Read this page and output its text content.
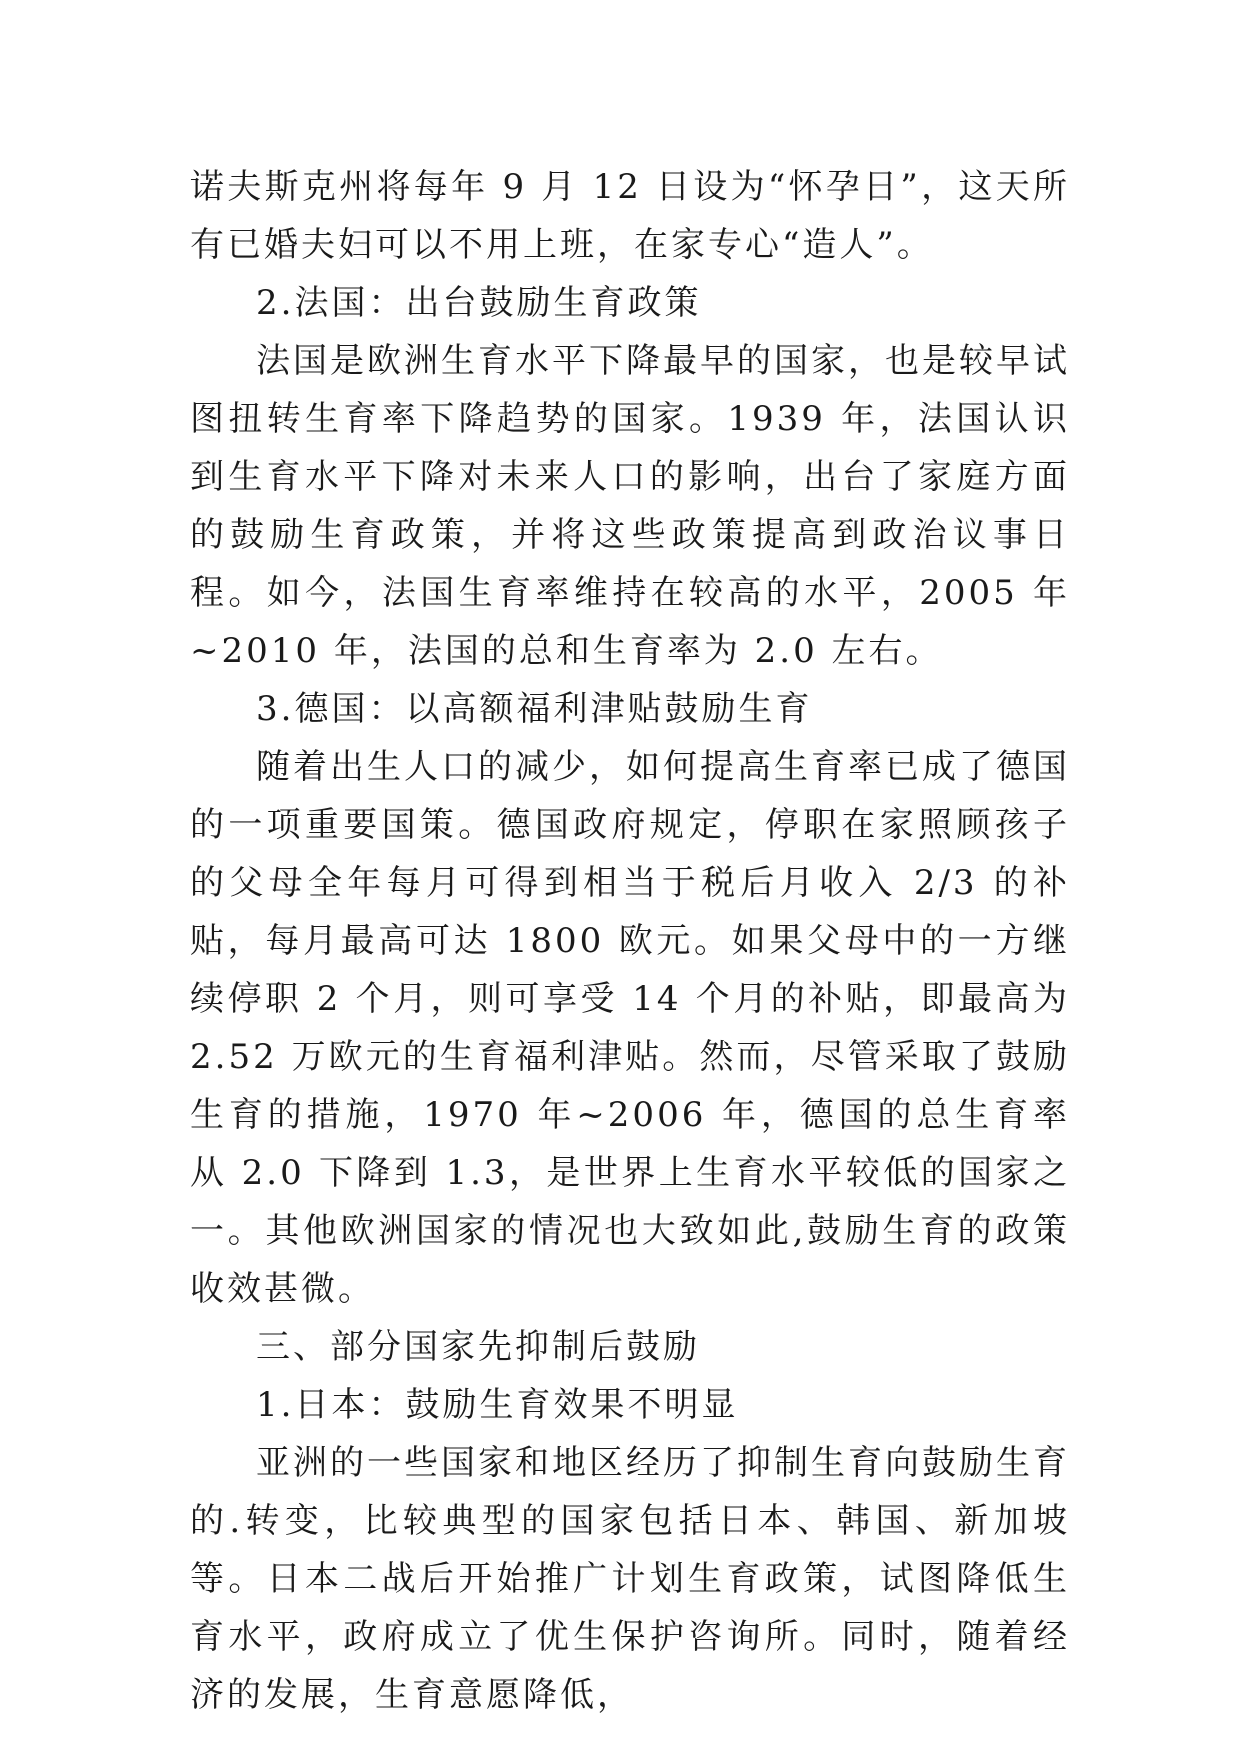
诺夫斯克州将每年 9 月 12 日设为“怀孕日”，这天所有已婚夫妇可以不用上班，在家专心“造人”。

2.法国：出台鼓励生育政策

法国是欧洲生育水平下降最早的国家，也是较早试图扭转生育率下降趋势的国家。1939 年，法国认识到生育水平下降对未来人口的影响，出台了家庭方面的鼓励生育政策，并将这些政策提高到政治议事日程。如今，法国生育率维持在较高的水平，2005 年~2010 年，法国的总和生育率为 2.0 左右。

3.德国：以高额福利津贴鼓励生育

随着出生人口的减少，如何提高生育率已成了德国的一项重要国策。德国政府规定，停职在家照顾孩子的父母全年每月可得到相当于税后月收入 2/3 的补贴，每月最高可达 1800 欧元。如果父母中的一方继续停职 2 个月，则可享受 14 个月的补贴，即最高为 2.52 万欧元的生育福利津贴。然而，尽管采取了鼓励生育的措施，1970 年~2006 年，德国的总生育率从 2.0 下降到 1.3，是世界上生育水平较低的国家之一。其他欧洲国家的情况也大致如此,鼓励生育的政策收效甚微。

三、部分国家先抑制后鼓励

1.日本：鼓励生育效果不明显

亚洲的一些国家和地区经历了抑制生育向鼓励生育的.转变，比较典型的国家包括日本、韩国、新加坡等。日本二战后开始推广计划生育政策，试图降低生育水平，政府成立了优生保护咨询所。同时，随着经济的发展，生育意愿降低，
